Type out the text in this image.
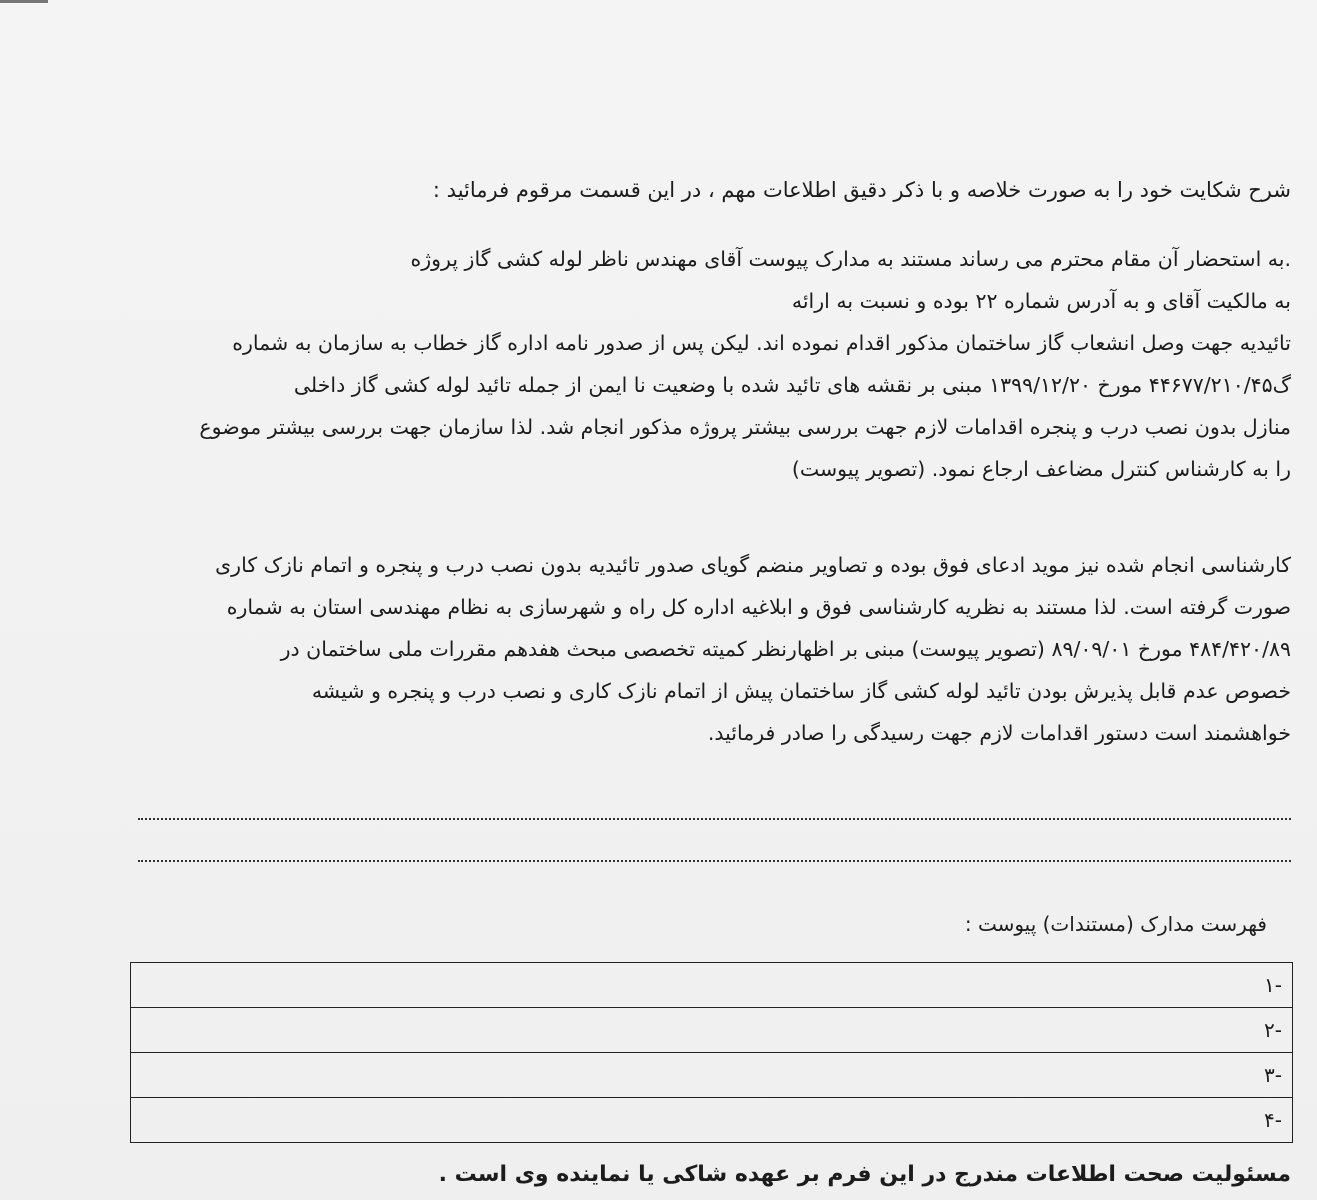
شرح شکایت خود را به صورت خلاصه و با ذکر دقیق اطلاعات مهم ، در این قسمت مرقوم فرمائید :
.به استحضار آن مقام محترم می رساند مستند به مدارک پیوست آقای مهندس ناظر لوله کشی گاز پروژه
به مالکیت آقای و به آدرس شماره ۲۲ بوده و نسبت به ارائه
تائیدیه جهت وصل انشعاب گاز ساختمان مذکور اقدام نموده اند. لیکن پس از صدور نامه اداره گاز خطاب به سازمان به شماره
گ۴۴۶۷۷/۲۱۰/۴۵ مورخ ۱۳۹۹/۱۲/۲۰ مبنی بر نقشه های تائید شده با وضعیت نا ایمن از جمله تائید لوله کشی گاز داخلی
منازل بدون نصب درب و پنجره اقدامات لازم جهت بررسی بیشتر پروژه مذکور انجام شد. لذا سازمان جهت بررسی بیشتر موضوع
را به کارشناس کنترل مضاعف ارجاع نمود. (تصویر پیوست)
کارشناسی انجام شده نیز موید ادعای فوق بوده و تصاویر منضم گویای صدور تائیدیه بدون نصب درب و پنجره و اتمام نازک کاری
صورت گرفته است. لذا مستند به نظریه کارشناسی فوق و ابلاغیه اداره کل راه و شهرسازی به نظام مهندسی استان به شماره
۴۸۴/۴۲۰/۸۹ مورخ ۸۹/۰۹/۰۱ (تصویر پیوست) مبنی بر اظهارنظر کمیته تخصصی مبحث هفدهم مقررات ملی ساختمان در
خصوص عدم قابل پذیرش بودن تائید لوله کشی گاز ساختمان پیش از اتمام نازک کاری و نصب درب و پنجره و شیشه
خواهشمند است دستور اقدامات لازم جهت رسیدگی را صادر فرمائید.
فهرست مدارک (مستندات) پیوست :
-۱
-۲
-۳
-۴
مسئولیت صحت اطلاعات مندرج در این فرم بر عهده شاکی یا نماینده وی است .
